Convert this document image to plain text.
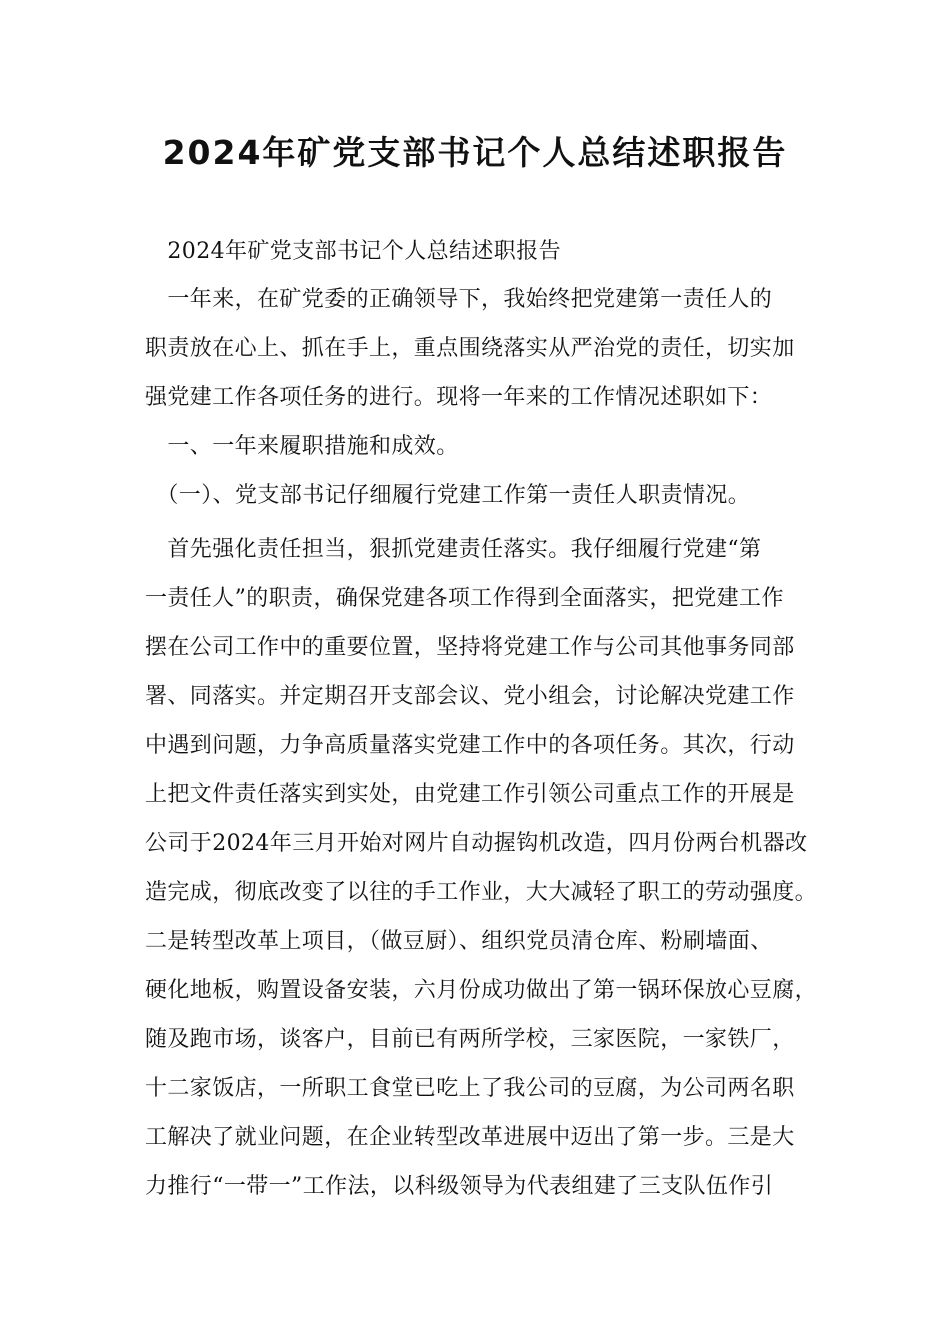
2024年矿党支部书记个人总结述职报告
　2024年矿党支部书记个人总结述职报告
　一年来，在矿党委的正确领导下，我始终把党建第一责任人的
职责放在心上、抓在手上，重点围绕落实从严治党的责任，切实加
强党建工作各项任务的进行。现将一年来的工作情况述职如下：
　一、一年来履职措施和成效。
　（一）、党支部书记仔细履行党建工作第一责任人职责情况。
　首先强化责任担当，狠抓党建责任落实。我仔细履行党建“第
一责任人”的职责，确保党建各项工作得到全面落实，把党建工作
摆在公司工作中的重要位置，坚持将党建工作与公司其他事务同部
署、同落实。并定期召开支部会议、党小组会，讨论解决党建工作
中遇到问题，力争高质量落实党建工作中的各项任务。其次，行动
上把文件责任落实到实处，由党建工作引领公司重点工作的开展是
公司于2024年三月开始对网片自动握钩机改造，四月份两台机器改
造完成，彻底改变了以往的手工作业，大大减轻了职工的劳动强度。
二是转型改革上项目，（做豆厨）、组织党员清仓库、粉刷墙面、
硬化地板，购置设备安装，六月份成功做出了第一锅环保放心豆腐，
随及跑市场，谈客户，目前已有两所学校，三家医院，一家铁厂，
十二家饭店，一所职工食堂已吃上了我公司的豆腐，为公司两名职
工解决了就业问题，在企业转型改革进展中迈出了第一步。三是大
力推行“一带一”工作法，以科级领导为代表组建了三支队伍作引
